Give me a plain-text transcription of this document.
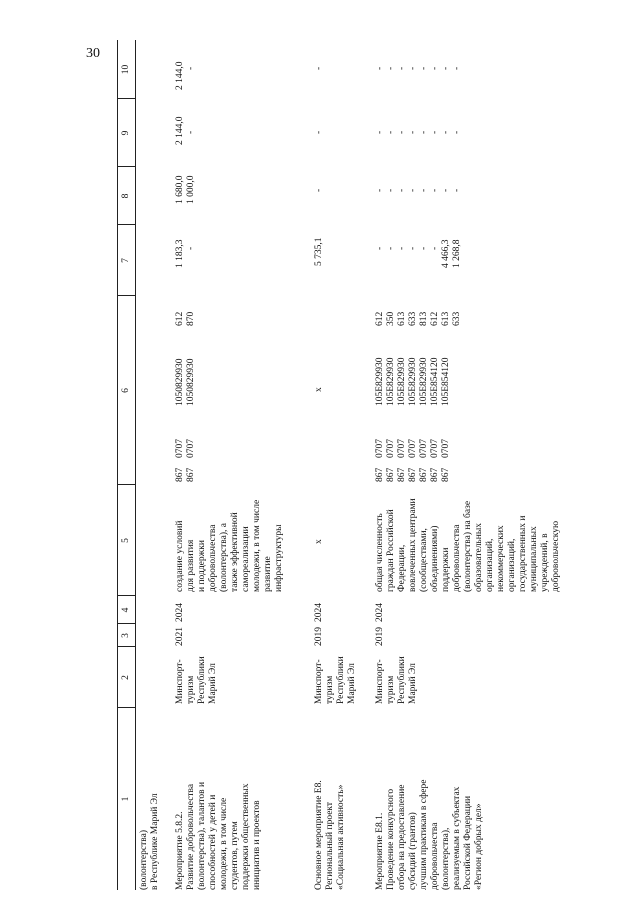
30
1
2
3
4
5
6
7
8
9
10
(волонтерства) в Республике Марий Эл Мероприятие 5.8.2. Развитие добровольчества (волонтерства), талантов и способностей у детей и молодежи, в том числе студентов, путем поддержки общественных инициатив и проектов
Минспорт- туризм Республики Марий Эл
2021
2024
создание условий для развития и поддержки добровольчества (волонтерства), а также эффективной самореализации молодежи, в том числе развитие инфраструктуры
867 867
0707 0707
1050829930 1050829930
612 870
1 183,3 -
1 680,0 1 000,0
2 144,0 -
2 144,0 -
Основное мероприятие Е8. Региональный проект «Социальная активность»
Минспорт- туризм Республики Марий Эл
2019
2024
x
x
5 735,1
-
-
-
Мероприятие Е8.1. Проведение конкурсного отбора на предоставление субсидий (грантов) лучшим практикам в сфере добровольчества (волонтерства), реализуемым в субъектах Российской Федерации «Регион добрых дел»
Минспорт- туризм Республики Марий Эл
2019
2024
общая численность граждан Российской Федерации, вовлеченных центрами (сообществами, объединениями) поддержки добровольчества (волонтерства) на базе образовательных организаций, некоммерческих организаций, государственных и муниципальных учреждений, в добровольческую
867 867 867 867 867 867 867
0707 0707 0707 0707 0707 0707 0707
105E829930 105E829930 105E829930 105E829930 105E829930 105E854120 105E854120
612 350 613 633 813 612 613 633
- - - - - - 4 466,3 1 268,8
- - - - - - - -
- - - - - - - -
- - - - - - - -
